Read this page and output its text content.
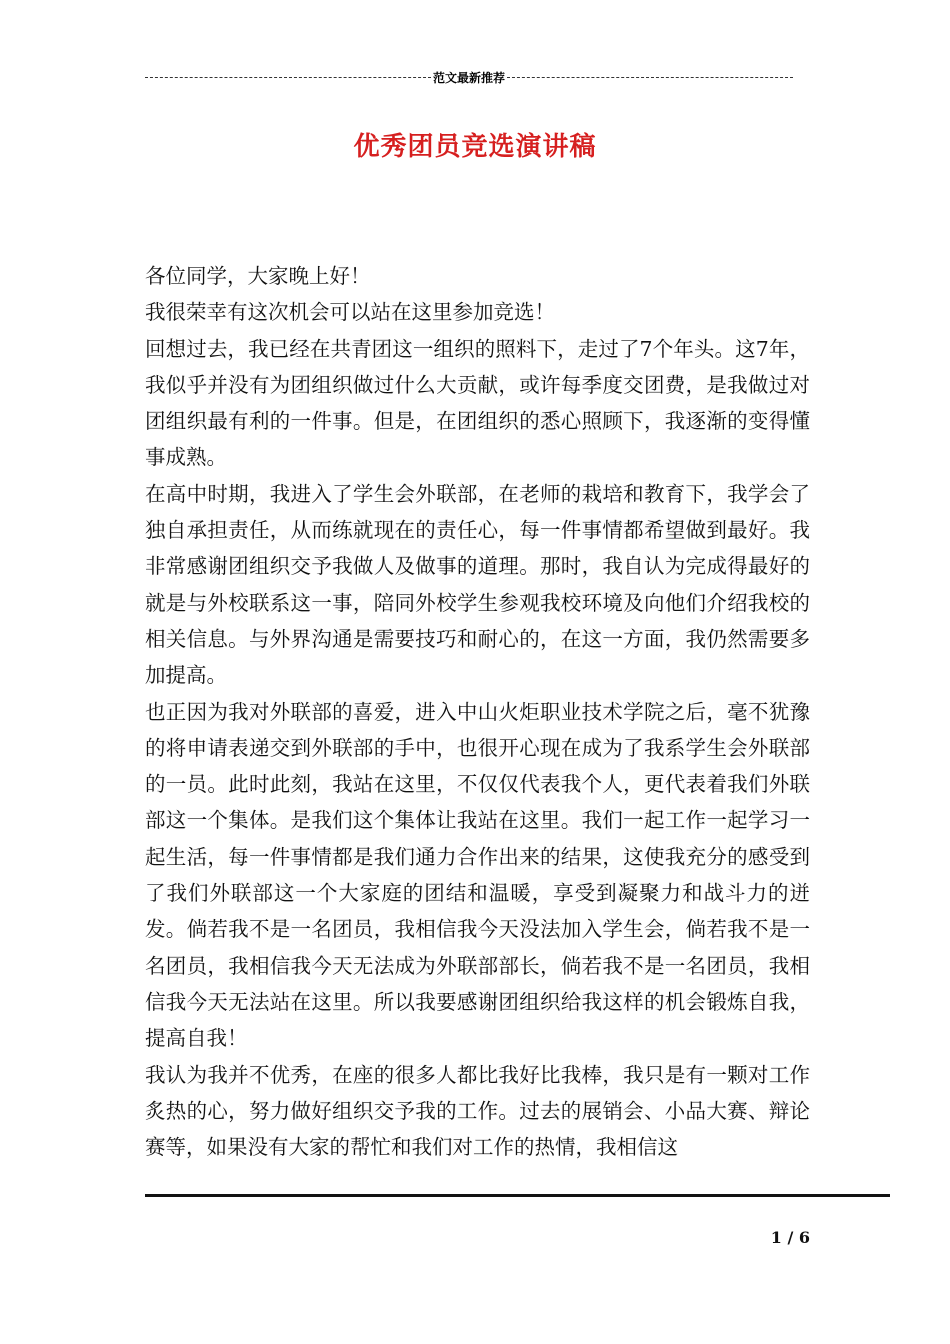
范文最新推荐
优秀团员竞选演讲稿

各位同学，大家晚上好！

我很荣幸有这次机会可以站在这里参加竞选！

回想过去，我已经在共青团这一组织的照料下，走过了7个年头。这7年，我似乎并没有为团组织做过什么大贡献，或许每季度交团费，是我做过对团组织最有利的一件事。但是，在团组织的悉心照顾下，我逐渐的变得懂事成熟。

在高中时期，我进入了学生会外联部，在老师的栽培和教育下，我学会了独自承担责任，从而练就现在的责任心，每一件事情都希望做到最好。我非常感谢团组织交予我做人及做事的道理。那时，我自认为完成得最好的就是与外校联系这一事，陪同外校学生参观我校环境及向他们介绍我校的相关信息。与外界沟通是需要技巧和耐心的，在这一方面，我仍然需要多加提高。

也正因为我对外联部的喜爱，进入中山火炬职业技术学院之后，毫不犹豫的将申请表递交到外联部的手中，也很开心现在成为了我系学生会外联部的一员。此时此刻，我站在这里，不仅仅代表我个人，更代表着我们外联部这一个集体。是我们这个集体让我站在这里。我们一起工作一起学习一起生活，每一件事情都是我们通力合作出来的结果，这使我充分的感受到了我们外联部这一个大家庭的团结和温暖，享受到凝聚力和战斗力的迸发。倘若我不是一名团员，我相信我今天没法加入学生会，倘若我不是一名团员，我相信我今天无法成为外联部部长，倘若我不是一名团员，我相信我今天无法站在这里。所以我要感谢团组织给我这样的机会锻炼自我，提高自我！

我认为我并不优秀，在座的很多人都比我好比我棒，我只是有一颗对工作炙热的心，努力做好组织交予我的工作。过去的展销会、小品大赛、辩论赛等，如果没有大家的帮忙和我们对工作的热情，我相信这

1 / 6
